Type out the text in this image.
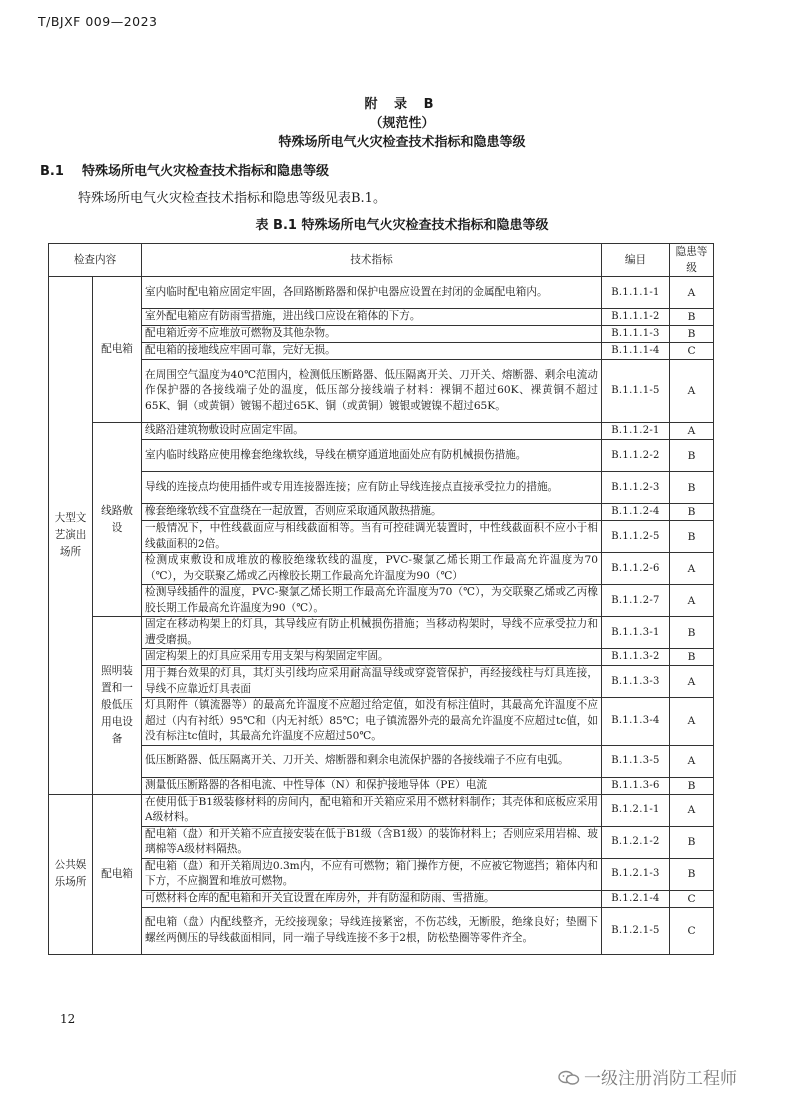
T/BJXF 009—2023
附 录 B
（规范性）
特殊场所电气火灾检查技术指标和隐患等级
B.1 特殊场所电气火灾检查技术指标和隐患等级
特殊场所电气火灾检查技术指标和隐患等级见表B.1。
表 B.1 特殊场所电气火灾检查技术指标和隐患等级
检查内容		技术指标	编目	隐患等级
大型文艺演出场所	配电箱	室内临时配电箱应固定牢固，各回路断路器和保护电器应设置在封闭的金属配电箱内。	B.1.1.1-1	A
		室外配电箱应有防雨雪措施，进出线口应设在箱体的下方。	B.1.1.1-2	B
		配电箱近旁不应堆放可燃物及其他杂物。	B.1.1.1-3	B
		配电箱的接地线应牢固可靠，完好无损。	B.1.1.1-4	C
		在周围空气温度为40℃范围内，检测低压断路器、低压隔离开关、刀开关、熔断器、剩余电流动作保护器的各接线端子处的温度，低压部分接线端子材料：裸铜不超过60K、裸黄铜不超过65K、铜（或黄铜）镀锡不超过65K、铜（或黄铜）镀银或镀镍不超过65K。	B.1.1.1-5	A
	线路敷设	线路沿建筑物敷设时应固定牢固。	B.1.1.2-1	A
		室内临时线路应使用橡套绝缘软线，导线在横穿通道地面处应有防机械损伤措施。	B.1.1.2-2	B
		导线的连接点均使用插件或专用连接器连接；应有防止导线连接点直接承受拉力的措施。	B.1.1.2-3	B
		橡套绝缘软线不宜盘绕在一起放置，否则应采取通风散热措施。	B.1.1.2-4	B
		一般情况下，中性线截面应与相线截面相等。当有可控硅调光装置时，中性线截面积不应小于相线截面积的2倍。	B.1.1.2-5	B
		检测成束敷设和成堆放的橡胶绝缘软线的温度，PVC-聚氯乙烯长期工作最高允许温度为70（℃），为交联聚乙烯或乙丙橡胶长期工作最高允许温度为90（℃）	B.1.1.2-6	A
		检测导线插件的温度，PVC-聚氯乙烯长期工作最高允许温度为70（℃），为交联聚乙烯或乙丙橡胶长期工作最高允许温度为90（℃）。	B.1.1.2-7	A
	照明装置和一般低压用电设备	固定在移动构架上的灯具，其导线应有防止机械损伤措施；当移动构架时，导线不应承受拉力和遭受磨损。	B.1.1.3-1	B
		固定构架上的灯具应采用专用支架与构架固定牢固。	B.1.1.3-2	B
		用于舞台效果的灯具，其灯头引线均应采用耐高温导线或穿瓷管保护，再经接线柱与灯具连接，导线不应靠近灯具表面	B.1.1.3-3	A
		灯具附件（镇流器等）的最高允许温度不应超过给定值，如没有标注值时，其最高允许温度不应超过（内有衬纸）95℃和（内无衬纸）85℃；电子镇流器外壳的最高允许温度不应超过tc值，如没有标注tc值时，其最高允许温度不应超过50℃。	B.1.1.3-4	A
		低压断路器、低压隔离开关、刀开关、熔断器和剩余电流保护器的各接线端子不应有电弧。	B.1.1.3-5	A
		测量低压断路器的各相电流、中性导体（N）和保护接地导体（PE）电流	B.1.1.3-6	B
公共娱乐场所	配电箱	在使用低于B1级装修材料的房间内，配电箱和开关箱应采用不燃材料制作；其壳体和底板应采用A级材料。	B.1.2.1-1	A
		配电箱（盘）和开关箱不应直接安装在低于B1级（含B1级）的装饰材料上；否则应采用岩棉、玻璃棉等A级材料隔热。	B.1.2.1-2	B
		配电箱（盘）和开关箱周边0.3m内，不应有可燃物；箱门操作方便，不应被它物遮挡；箱体内和下方，不应搁置和堆放可燃物。	B.1.2.1-3	B
		可燃材料仓库的配电箱和开关宜设置在库房外，并有防湿和防雨、雪措施。	B.1.2.1-4	C
		配电箱（盘）内配线整齐，无绞接现象；导线连接紧密，不伤芯线，无断股，绝缘良好；垫圈下螺丝两侧压的导线截面相同，同一端子导线连接不多于2根，防松垫圈等零件齐全。	B.1.2.1-5	C
12
一级注册消防工程师
